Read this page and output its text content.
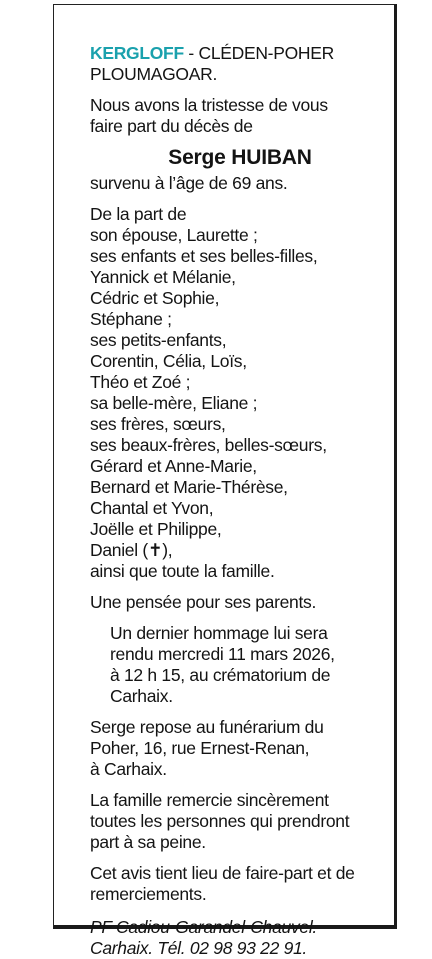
KERGLOFF - CLÉDEN-POHER
PLOUMAGOAR.

Nous avons la tristesse de vous
faire part du décès de

Serge HUIBAN

survenu à l’âge de 69 ans.

De la part de
son épouse, Laurette ;
ses enfants et ses belles-filles,
Yannick et Mélanie,
Cédric et Sophie,
Stéphane ;
ses petits-enfants,
Corentin, Célia, Loïs,
Théo et Zoé ;
sa belle-mère, Eliane ;
ses frères, sœurs,
ses beaux-frères, belles-sœurs,
Gérard et Anne-Marie,
Bernard et Marie-Thérèse,
Chantal et Yvon,
Joëlle et Philippe,
Daniel (✝),
ainsi que toute la famille.

Une pensée pour ses parents.

Un dernier hommage lui sera
rendu mercredi 11 mars 2026,
à 12 h 15, au crématorium de
Carhaix.

Serge repose au funérarium du
Poher, 16, rue Ernest-Renan,
à Carhaix.

La famille remercie sincèrement
toutes les personnes qui prendront
part à sa peine.

Cet avis tient lieu de faire-part et de
remerciements.

PF Cadiou-Garandel-Chauvel.
Carhaix. Tél. 02 98 93 22 91.
